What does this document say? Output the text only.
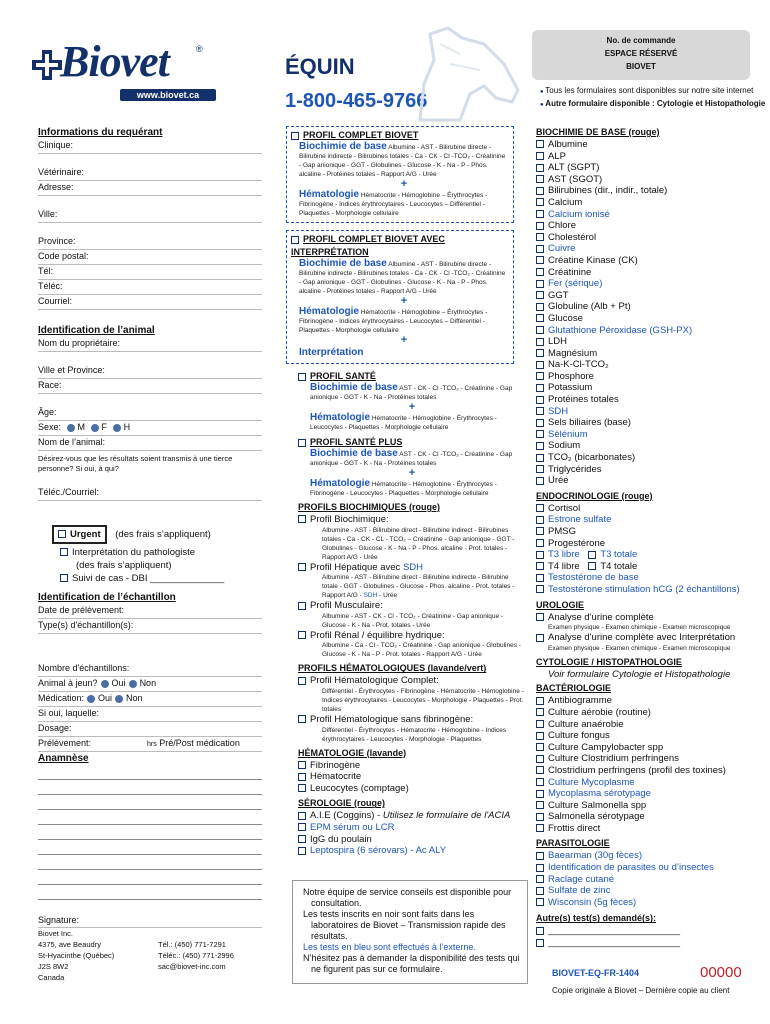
Biovet	®
www.biovet.ca
ÉQUIN
1-800-465-9766
No. de commande
ESPACE RÉSERVÉ
BIOVET
● Tous les formulaires sont disponibles sur notre site internet
● Autre formulaire disponible : Cytologie et Histopathologie
Informations du requérant
Clinique:
Vétérinaire:
Adresse:
Ville:
Province:
Code postal:
Tél:
Téléc:
Courriel:
Identification de l’animal
Nom du propriétaire:
Ville et Province:
Race:
Âge:
Sexe: M F H
Nom de l’animal:
Désirez-vous que les résultats soient transmis à une tierce personne? Si oui, à qui?
Téléc./Courriel:
Urgent (des frais s’appliquent)
Interprétation du pathologiste
(des frais s’appliquent)
Suivi de cas - DBI ______________
Identification de l’échantillon
Date de prélèvement:
Type(s) d'échantillon(s):
Nombre d'échantillons:
Animal à jeun? Oui Non
Médication: Oui Non
Si oui, laquelle:
Dosage:
Prélèvement:	hrs Pré/Post médication
Anamnèse
Signature:
Biovet Inc.
4375, ave Beaudry
St-Hyacinthe (Québec)
J2S 8W2
Canada
Tél.: (450) 771-7291
Téléc.: (450) 771-2996
sac@biovet-inc.com
PROFIL COMPLET BIOVET
Biochimie de base Albumine - AST - Bilirubine directe - Bilirubine indirecte - Bilirubines totales - Ca - CK - Cl -TCO₂ - Créatinine - Gap anionique - GGT - Globulines - Glucose - K - Na - P - Phos. alcaline - Protéines totales - Rapport A/G - Urée
+
Hématologie Hématocrite - Hémoglobine – Érythrocytes - Fibrinogène - Indices érythrocytaires - Leucocytes – Différentiel - Plaquettes - Morphologie cellulaire
PROFIL COMPLET BIOVET AVEC INTERPRÉTATION
Biochimie de base Albumine - AST - Bilirubine directe - Bilirubine indirecte - Bilirubines totales - Ca - CK - Cl -TCO₂ - Créatinine - Gap anionique - GGT - Globulines - Glucose - K - Na - P - Phos. alcaline - Protéines totales - Rapport A/G - Urée
+
Hématologie Hématocrite - Hémoglobine – Érythrocytes - Fibrinogène - Indices érythrocytaires - Leucocytes – Différentiel - Plaquettes - Morphologie cellulaire
+
Interprétation
PROFIL SANTÉ
Biochimie de base AST - CK - Cl -TCO₂ - Créatinine - Gap anionique - GGT - K - Na - Protéines totales
+
Hématologie Hématocrite - Hémoglobine - Érythrocytes - Leucocytes - Plaquettes - Morphologie cellulaire
PROFIL SANTÉ PLUS
Biochimie de base AST - CK - Cl -TCO₂ - Créatinine - Gap anionique - GGT - K - Na - Protéines totales
+
Hématologie Hématocrite - Hémoglobine - Érythrocytes - Fibrinogène - Leucocytes - Plaquettes - Morphologie cellulaire
PROFILS BIOCHIMIQUES (rouge)
Profil Biochimique:
Albumine - AST - Bilirubine direct - Bilirubine indirect - Bilirubines totales - Ca - CK - CL - TCO₂ – Créatinine - Gap anionique - GGT - Globulines - Glucose - K - Na - P - Phos. alcaline - Prot. totales - Rapport A/G - Urée
Profil Hépatique avec SDH
Albumine - AST - Bilirubine direct - Bilirubine indirecte - Bilirubine totale - GGT - Globulines - Glucose - Phos. alcaline - Prot. totales - Rapport A/G - SDH - Urée
Profil Musculaire:
Albumine - AST - CK - Cl - TCO₂ - Créatinine - Gap anionique - Glucose - K - Na - Prot. totales - Urée
Profil Rénal / équilibre hydrique:
Albumine - Ca - Cl - TCO₂ - Créatinine - Gap anionique - Globulines - Glucose - K - Na - P - Prot. totales - Rapport A/G - Urée
PROFILS HÉMATOLOGIQUES (lavande/vert)
Profil Hématologique Complet:
Différentiel - Érythrocytes - Fibrinogène - Hématocrite - Hémoglobine - Indices érythrocytaires - Leucocytes - Morphologie - Plaquettes - Prot. totales
Profil Hématologique sans fibrinogène:
Différentiel - Érythrocytes - Hématocrite - Hémoglobine - Indices érythrocytaires - Leucocytes - Morphologie - Plaquettes
HÉMATOLOGIE (lavande)
Fibrinogène
Hématocrite
Leucocytes (comptage)
SÉROLOGIE (rouge)
A.I.E (Coggins) - Utilisez le formulaire de l'ACIA
EPM sérum ou LCR
IgG du poulain
Leptospira (6 sérovars) - Ac ALY
Notre équipe de service conseils est disponible pour consultation.
Les tests inscrits en noir sont faits dans les laboratoires de Biovet – Transmission rapide des résultats.
Les tests en bleu sont effectués à l’externe.
N’hésitez pas à demander la disponibilité des tests qui ne figurent pas sur ce formulaire.
BIOCHIMIE DE BASE (rouge)
Albumine
ALP
ALT (SGPT)
AST (SGOT)
Bilirubines (dir., indir., totale)
Calcium
Calcium ionisé
Chlore
Cholestérol
Cuivre
Créatine Kinase (CK)
Créatinine
Fer (sérique)
GGT
Globuline (Alb + Pt)
Glucose
Glutathione Péroxidase (GSH-PX)
LDH
Magnésium
Na-K-Cl-TCO₂
Phosphore
Potassium
Protéines totales
SDH
Sels biliaires (base)
Sélénium
Sodium
TCO₂ (bicarbonates)
Triglycérides
Urée
ENDOCRINOLOGIE (rouge)
Cortisol
Estrone sulfate
PMSG
Progestérone
T3 libre T3 totale
T4 libre T4 totale
Testostérone de base
Testostérone stimulation hCG (2 échantillons)
UROLOGIE
Analyse d'urine complète
Examen physique - Examen chimique - Examen microscopique
Analyse d'urine complète avec Interprétation
Examen physique - Examen chimique - Examen microscopique
CYTOLOGIE / HISTOPATHOLOGIE
Voir formulaire Cytologie et Histopathologie
BACTÉRIOLOGIE
Antibiogramme
Culture aérobie (routine)
Culture anaérobie
Culture fongus
Culture Campylobacter spp
Culture Clostridium perfringens
Clostridium perfringens (profil des toxines)
Culture Mycoplasme
Mycoplasma sérotypage
Culture Salmonella spp
Salmonella sérotypage
Frottis direct
PARASITOLOGIE
Baearman (30g fèces)
Identification de parasites ou d’insectes
Raclage cutané
Sulfate de zinc
Wisconsin (5g fèces)
Autre(s) test(s) demandé(s):
_________________________
_________________________
BIOVET-EQ-FR-1404	00000
Copie originale à Biovet – Dernière copie au client
